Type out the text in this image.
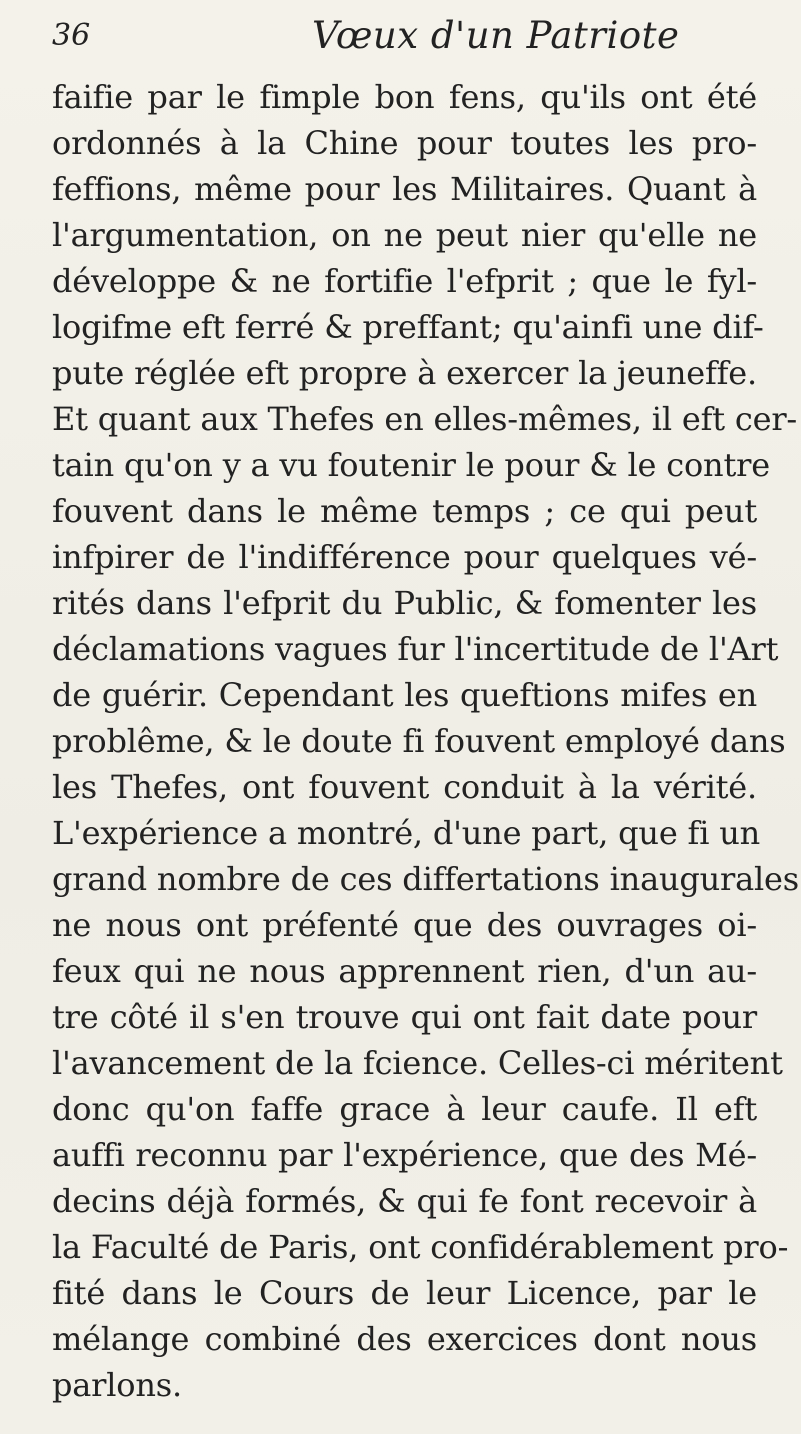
36	Vœux d'un Patriote
faifie par le fimple bon fens, qu'ils ont été
ordonnés à la Chine pour toutes les pro-
feffions, même pour les Militaires. Quant à
l'argumentation, on ne peut nier qu'elle ne
développe & ne fortifie l'efprit ; que le fyl-
logifme eft ferré & preffant; qu'ainfi une dif-
pute réglée eft propre à exercer la jeuneffe.
Et quant aux Thefes en elles-mêmes, il eft cer-
tain qu'on y a vu foutenir le pour & le contre
fouvent dans le même temps ; ce qui peut
infpirer de l'indifférence pour quelques vé-
rités dans l'efprit du Public, & fomenter les
déclamations vagues fur l'incertitude de l'Art
de guérir. Cependant les queftions mifes en
problême, & le doute fi fouvent employé dans
les Thefes, ont fouvent conduit à la vérité.
L'expérience a montré, d'une part, que fi un
grand nombre de ces differtations inaugurales
ne nous ont préfenté que des ouvrages oi-
feux qui ne nous apprennent rien, d'un au-
tre côté il s'en trouve qui ont fait date pour
l'avancement de la fcience. Celles-ci méritent
donc qu'on faffe grace à leur caufe. Il eft
auffi reconnu par l'expérience, que des Mé-
decins déjà formés, & qui fe font recevoir à
la Faculté de Paris, ont confidérablement pro-
fité dans le Cours de leur Licence, par le
mélange combiné des exercices dont nous
parlons.
